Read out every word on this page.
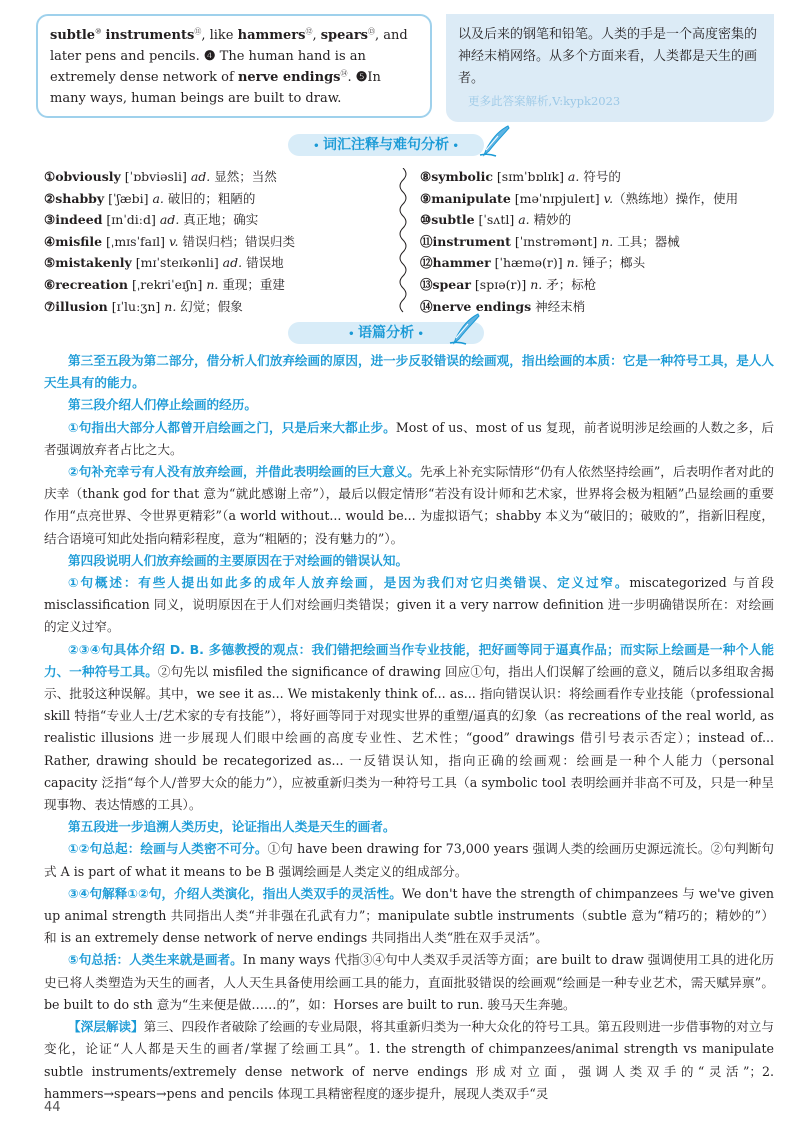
subtle⑩ instruments⑪, like hammers⑫, spears⑬, and later pens and pencils. ❹ The human hand is an extremely dense network of nerve endings⑭. ❺In many ways, human beings are built to draw.
以及后来的钢笔和铅笔。人类的手是一个高度密集的神经末梢网络。从多个方面来看，人类都是天生的画者。
更多此答案解析,V:kypk2023
• 词汇注释与难句分析 •
①obviously [ˈɒbviəsli] ad. 显然；当然
②shabby [ˈʃæbi] a. 破旧的；粗陋的
③indeed [ɪnˈdiːd] ad. 真正地；确实
④misfile [ˌmɪsˈfaɪl] v. 错误归档；错误归类
⑤mistakenly [mɪˈsteɪkənli] ad. 错误地
⑥recreation [ˌrekriˈeɪʃn] n. 重现；重建
⑦illusion [ɪˈluːʒn] n. 幻觉；假象
⑧symbolic [sɪmˈbɒlɪk] a. 符号的
⑨manipulate [məˈnɪpjuleɪt] v.（熟练地）操作，使用
⑩subtle [ˈsʌtl] a. 精妙的
⑪instrument [ˈɪnstrəmənt] n. 工具；器械
⑫hammer [ˈhæmə(r)] n. 锤子；榔头
⑬spear [spɪə(r)] n. 矛；标枪
⑭nerve endings 神经末梢
• 语篇分析 •

第三至五段为第二部分，借分析人们放弃绘画的原因，进一步反驳错误的绘画观，指出绘画的本质：它是一种符号工具，是人人天生具有的能力。

第三段介绍人们停止绘画的经历。

①句指出大部分人都曾开启绘画之门，只是后来大都止步。Most of us、most of us 复现，前者说明涉足绘画的人数之多，后者强调放弃者占比之大。

②句补充幸亏有人没有放弃绘画，并借此表明绘画的巨大意义。先承上补充实际情形“仍有人依然坚持绘画”，后表明作者对此的庆幸（thank god for that 意为“就此感谢上帝”），最后以假定情形“若没有设计师和艺术家，世界将会极为粗陋”凸显绘画的重要作用“点亮世界、令世界更精彩”（a world without... would be... 为虚拟语气；shabby 本义为“破旧的；破败的”，指新旧程度，结合语境可知此处指向精彩程度，意为“粗陋的；没有魅力的”）。

第四段说明人们放弃绘画的主要原因在于对绘画的错误认知。

①句概述：有些人提出如此多的成年人放弃绘画，是因为我们对它归类错误、定义过窄。miscategorized 与首段 misclassification 同义，说明原因在于人们对绘画归类错误；given it a very narrow definition 进一步明确错误所在：对绘画的定义过窄。

②③④句具体介绍 D. B. 多德教授的观点：我们错把绘画当作专业技能，把好画等同于逼真作品；而实际上绘画是一种个人能力、一种符号工具。②句先以 misfiled the significance of drawing 回应①句，指出人们误解了绘画的意义，随后以多组取舍揭示、批驳这种误解。其中，we see it as... We mistakenly think of... as... 指向错误认识：将绘画看作专业技能（professional skill 特指“专业人士/艺术家的专有技能”），将好画等同于对现实世界的重塑/逼真的幻象（as recreations of the real world, as realistic illusions 进一步展现人们眼中绘画的高度专业性、艺术性；“good” drawings 借引号表示否定）；instead of... Rather, drawing should be recategorized as... 一反错误认知，指向正确的绘画观：绘画是一种个人能力（personal capacity 泛指“每个人/普罗大众的能力”），应被重新归类为一种符号工具（a symbolic tool 表明绘画并非高不可及，只是一种呈现事物、表达情感的工具）。

第五段进一步追溯人类历史，论证指出人类是天生的画者。

①②句总起：绘画与人类密不可分。①句 have been drawing for 73,000 years 强调人类的绘画历史源远流长。②句判断句式 A is part of what it means to be B 强调绘画是人类定义的组成部分。

③④句解释①②句，介绍人类演化，指出人类双手的灵活性。We don't have the strength of chimpanzees 与 we've given up animal strength 共同指出人类“并非强在孔武有力”；manipulate subtle instruments（subtle 意为“精巧的；精妙的”）和 is an extremely dense network of nerve endings 共同指出人类“胜在双手灵活”。

⑤句总括：人类生来就是画者。In many ways 代指③④句中人类双手灵活等方面；are built to draw 强调使用工具的进化历史已将人类塑造为天生的画者，人人天生具备使用绘画工具的能力，直面批驳错误的绘画观“绘画是一种专业艺术，需天赋异禀”。be built to do sth 意为“生来便是做……的”，如：Horses are built to run. 骏马天生奔驰。

【深层解读】第三、四段作者破除了绘画的专业局限，将其重新归类为一种大众化的符号工具。第五段则进一步借事物的对立与变化，论证“人人都是天生的画者/掌握了绘画工具”。1. the strength of chimpanzees/animal strength vs manipulate subtle instruments/extremely dense network of nerve endings 形成对立面，强调人类双手的“灵活”；2. hammers→spears→pens and pencils 体现工具精密程度的逐步提升，展现人类双手“灵

44
